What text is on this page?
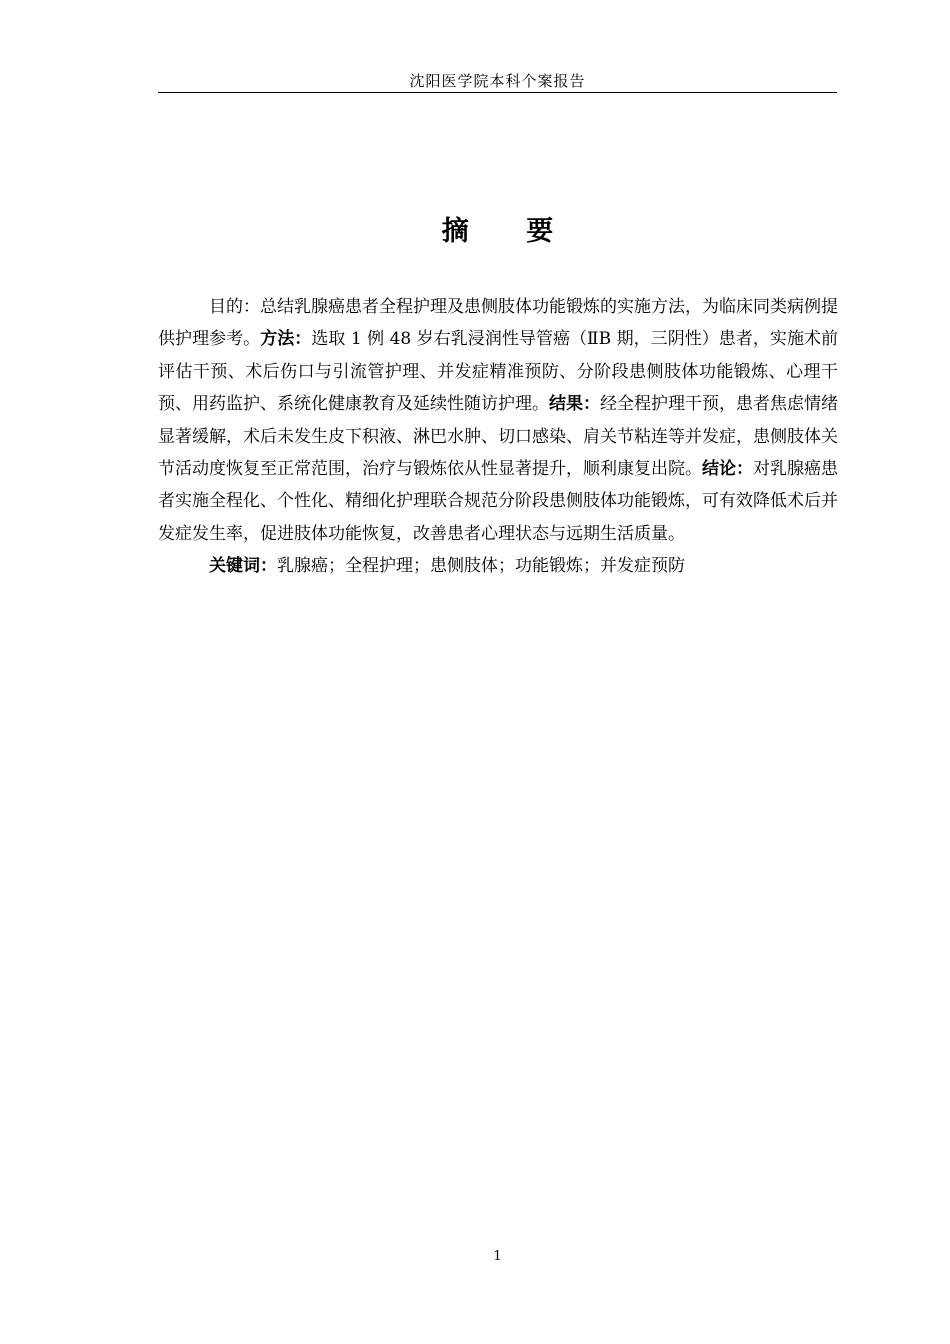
沈阳医学院本科个案报告
摘 要

目的：总结乳腺癌患者全程护理及患侧肢体功能锻炼的实施方法，为临床同类病例提供护理参考。方法：选取 1 例 48 岁右乳浸润性导管癌（ⅡB 期，三阴性）患者，实施术前评估干预、术后伤口与引流管护理、并发症精准预防、分阶段患侧肢体功能锻炼、心理干预、用药监护、系统化健康教育及延续性随访护理。结果：经全程护理干预，患者焦虑情绪显著缓解，术后未发生皮下积液、淋巴水肿、切口感染、肩关节粘连等并发症，患侧肢体关节活动度恢复至正常范围，治疗与锻炼依从性显著提升，顺利康复出院。结论：对乳腺癌患者实施全程化、个性化、精细化护理联合规范分阶段患侧肢体功能锻炼，可有效降低术后并发症发生率，促进肢体功能恢复，改善患者心理状态与远期生活质量。

关键词：乳腺癌；全程护理；患侧肢体；功能锻炼；并发症预防

1
